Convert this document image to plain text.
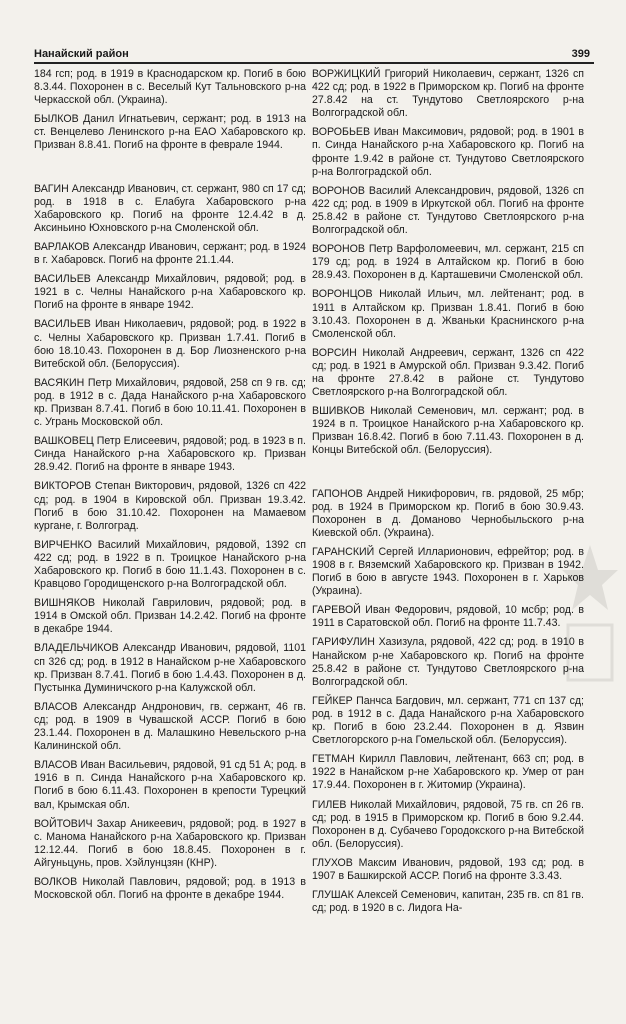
Нанайский район	399

184 гсп; род. в 1919 в Краснодарском кр. Погиб в бою 8.3.44. Похоронен в с. Веселый Кут Тальновского р-на Черкасской обл. (Украина).

БЫЛКОВ Данил Игнатьевич, сержант; род. в 1913 на ст. Венцелево Ленинского р-на ЕАО Хабаровского кр. Призван 8.8.41. Погиб на фронте в феврале 1944.

ВАГИН Александр Иванович, ст. сержант, 980 сп 17 сд; род. в 1918 в с. Елабуга Хабаровского р-на Хабаровского кр. Погиб на фронте 12.4.42 в д. Аксиньино Юхновского р-на Смоленской обл.

ВАРЛАКОВ Александр Иванович, сержант; род. в 1924 в г. Хабаровск. Погиб на фронте 21.1.44.

ВАСИЛЬЕВ Александр Михайлович, рядовой; род. в 1921 в с. Челны Нанайского р-на Хабаровского кр. Погиб на фронте в январе 1942.

ВАСИЛЬЕВ Иван Николаевич, рядовой; род. в 1922 в с. Челны Хабаровского кр. Призван 1.7.41. Погиб в бою 18.10.43. Похоронен в д. Бор Лиозненского р-на Витебской обл. (Белоруссия).

ВАСЯКИН Петр Михайлович, рядовой, 258 сп 9 гв. сд; род. в 1912 в с. Дада Нанайского р-на Хабаровского кр. Призван 8.7.41. Погиб в бою 10.11.41. Похоронен в с. Угрань Московской обл.

ВАШКОВЕЦ Петр Елисеевич, рядовой; род. в 1923 в п. Синда Нанайского р-на Хабаровского кр. Призван 28.9.42. Погиб на фронте в январе 1943.

ВИКТОРОВ Степан Викторович, рядовой, 1326 сп 422 сд; род. в 1904 в Кировской обл. Призван 19.3.42. Погиб в бою 31.10.42. Похоронен на Мамаевом кургане, г. Волгоград.

ВИРЧЕНКО Василий Михайлович, рядовой, 1392 сп 422 сд; род. в 1922 в п. Троицкое Нанайского р-на Хабаровского кр. Погиб в бою 11.1.43. Похоронен в с. Кравцово Городищенского р-на Волгоградской обл.

ВИШНЯКОВ Николай Гаврилович, рядовой; род. в 1914 в Омской обл. Призван 14.2.42. Погиб на фронте в декабре 1944.

ВЛАДЕЛЬЧИКОВ Александр Иванович, рядовой, 1101 сп 326 сд; род. в 1912 в Нанайском р-не Хабаровского кр. Призван 8.7.41. Погиб в бою 1.4.43. Похоронен в д. Пустынка Думиничского р-на Калужской обл.

ВЛАСОВ Александр Андронович, гв. сержант, 46 гв. сд; род. в 1909 в Чувашской АССР. Погиб в бою 23.1.44. Похоронен в д. Малашкино Невельского р-на Калининской обл.

ВЛАСОВ Иван Васильевич, рядовой, 91 сд 51 А; род. в 1916 в п. Синда Нанайского р-на Хабаровского кр. Погиб в бою 6.11.43. Похоронен в крепости Турецкий вал, Крымская обл.

ВОЙТОВИЧ Захар Аникеевич, рядовой; род. в 1927 в с. Манома Нанайского р-на Хабаровского кр. Призван 12.12.44. Погиб в бою 18.8.45. Похоронен в г. Айгуньцунь, пров. Хэйлунцзян (КНР).

ВОЛКОВ Николай Павлович, рядовой; род. в 1913 в Московской обл. Погиб на фронте в декабре 1944.

ВОРЖИЦКИЙ Григорий Николаевич, сержант, 1326 сп 422 сд; род. в 1922 в Приморском кр. Погиб на фронте 27.8.42 на ст. Тундутово Светлоярского р-на Волгоградской обл.

ВОРОБЬЕВ Иван Максимович, рядовой; род. в 1901 в п. Синда Нанайского р-на Хабаровского кр. Погиб на фронте 1.9.42 в районе ст. Тундутово Светлоярского р-на Волгоградской обл.

ВОРОНОВ Василий Александрович, рядовой, 1326 сп 422 сд; род. в 1909 в Иркутской обл. Погиб на фронте 25.8.42 в районе ст. Тундутово Светлоярского р-на Волгоградской обл.

ВОРОНОВ Петр Варфоломеевич, мл. сержант, 215 сп 179 сд; род. в 1924 в Алтайском кр. Погиб в бою 28.9.43. Похоронен в д. Карташевичи Смоленской обл.

ВОРОНЦОВ Николай Ильич, мл. лейтенант; род. в 1911 в Алтайском кр. Призван 1.8.41. Погиб в бою 3.10.43. Похоронен в д. Жваньки Краснинского р-на Смоленской обл.

ВОРСИН Николай Андреевич, сержант, 1326 сп 422 сд; род. в 1921 в Амурской обл. Призван 9.3.42. Погиб на фронте 27.8.42 в районе ст. Тундутово Светлоярского р-на Волгоградской обл.

ВШИВКОВ Николай Семенович, мл. сержант; род. в 1924 в п. Троицкое Нанайского р-на Хабаровского кр. Призван 16.8.42. Погиб в бою 7.11.43. Похоронен в д. Концы Витебской обл. (Белоруссия).

ГАПОНОВ Андрей Никифорович, гв. рядовой, 25 мбр; род. в 1924 в Приморском кр. Погиб в бою 30.9.43. Похоронен в д. Доманово Чернобыльского р-на Киевской обл. (Украина).

ГАРАНСКИЙ Сергей Илларионович, ефрейтор; род. в 1908 в г. Вяземский Хабаровского кр. Призван в 1942. Погиб в бою в августе 1943. Похоронен в г. Харьков (Украина).

ГАРЕВОЙ Иван Федорович, рядовой, 10 мсбр; род. в 1911 в Саратовской обл. Погиб на фронте 11.7.43.

ГАРИФУЛИН Хазизула, рядовой, 422 сд; род. в 1910 в Нанайском р-не Хабаровского кр. Погиб на фронте 25.8.42 в районе ст. Тундутово Светлоярского р-на Волгоградской обл.

ГЕЙКЕР Панчса Багдович, мл. сержант, 771 сп 137 сд; род. в 1912 в с. Дада Нанайского р-на Хабаровского кр. Погиб в бою 23.2.44. Похоронен в д. Язвин Светлогорского р-на Гомельской обл. (Белоруссия).

ГЕТМАН Кирилл Павлович, лейтенант, 663 сп; род. в 1922 в Нанайском р-не Хабаровского кр. Умер от ран 17.9.44. Похоронен в г. Житомир (Украина).

ГИЛЕВ Николай Михайлович, рядовой, 75 гв. сп 26 гв. сд; род. в 1915 в Приморском кр. Погиб в бою 9.2.44. Похоронен в д. Субачево Городокского р-на Витебской обл. (Белоруссия).

ГЛУХОВ Максим Иванович, рядовой, 193 сд; род. в 1907 в Башкирской АССР. Погиб на фронте 3.3.43.

ГЛУШАК Алексей Семенович, капитан, 235 гв. сп 81 гв. сд; род. в 1920 в с. Лидога На-
